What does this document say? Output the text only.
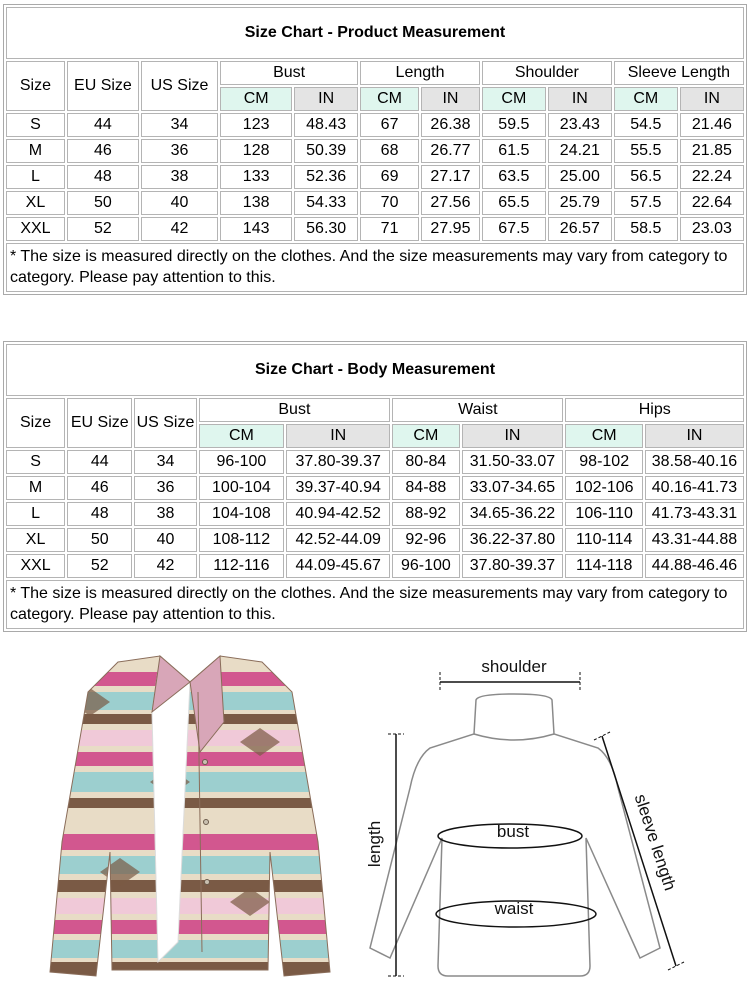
Size Chart - Product Measurement										
Size	EU Size	US Size	Bust		Length		Shoulder		Sleeve Length	
			CM	IN	CM	IN	CM	IN	CM	IN
S	44	34	123	48.43	67	26.38	59.5	23.43	54.5	21.46
M	46	36	128	50.39	68	26.77	61.5	24.21	55.5	21.85
L	48	38	133	52.36	69	27.17	63.5	25.00	56.5	22.24
XL	50	40	138	54.33	70	27.56	65.5	25.79	57.5	22.64
XXL	52	42	143	56.30	71	27.95	67.5	26.57	58.5	23.03
* The size is measured directly on the clothes. And the size measurements may vary from category to category. Please pay attention to this.										
Size Chart - Body Measurement								
Size	EU Size	US Size	Bust		Waist		Hips	
			CM	IN	CM	IN	CM	IN
S	44	34	96-100	37.80-39.37	80-84	31.50-33.07	98-102	38.58-40.16
M	46	36	100-104	39.37-40.94	84-88	33.07-34.65	102-106	40.16-41.73
L	48	38	104-108	40.94-42.52	88-92	34.65-36.22	106-110	41.73-43.31
XL	50	40	108-112	42.52-44.09	92-96	36.22-37.80	110-114	43.31-44.88
XXL	52	42	112-116	44.09-45.67	96-100	37.80-39.37	114-118	44.88-46.46
* The size is measured directly on the clothes. And the size measurements may vary from category to category. Please pay attention to this.								
shoulder
bust
waist
length	sleeve length
